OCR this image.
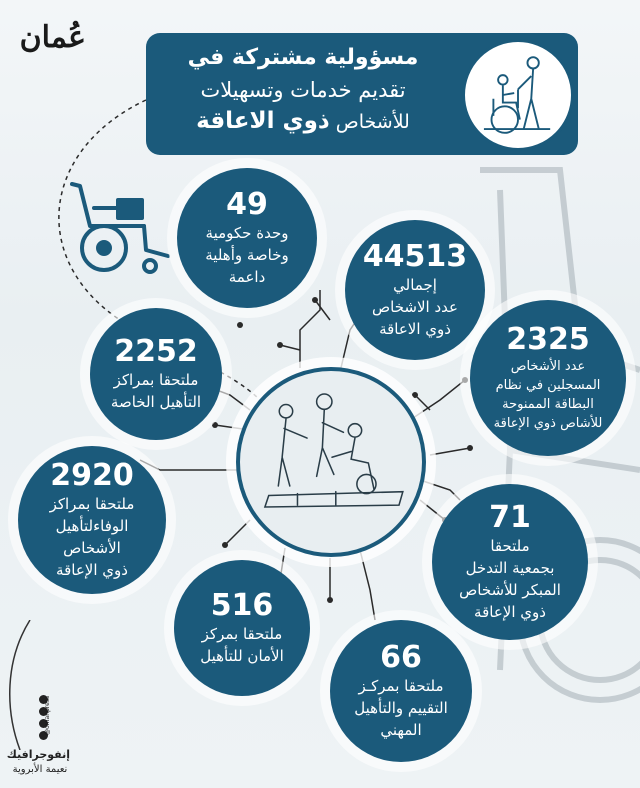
عُمان
مسؤولية مشتركة في
تقديم خدمات وتسهيلات
للأشخاص ذوي الاعاقة
49
وحدة حكومية
وخاصة وأهلية
داعمة
44513
إجمالي
عدد الاشخاص
ذوي الاعاقة	2325
عدد الأشخاص
المسجلين في نظام
البطاقة الممنوحة
للأشاص ذوي الإعاقة
2252
ملتحقا بمراكز
التأهيل الخاصة
2920
ملتحقا بمراكز
الوفاءلتأهيل
الأشخاص
ذوي الإعاقة
71
ملتحقا
بجمعية التدخل
المبكر للأشخاص
ذوي الإعاقة
516
ملتحقا بمركز
الأمان للتأهيل	66
ملتحقا بمركـز
التقييم والتأهيل
المهني
@omanpress
إنفوجرافيك
نعيمة الأبروية
